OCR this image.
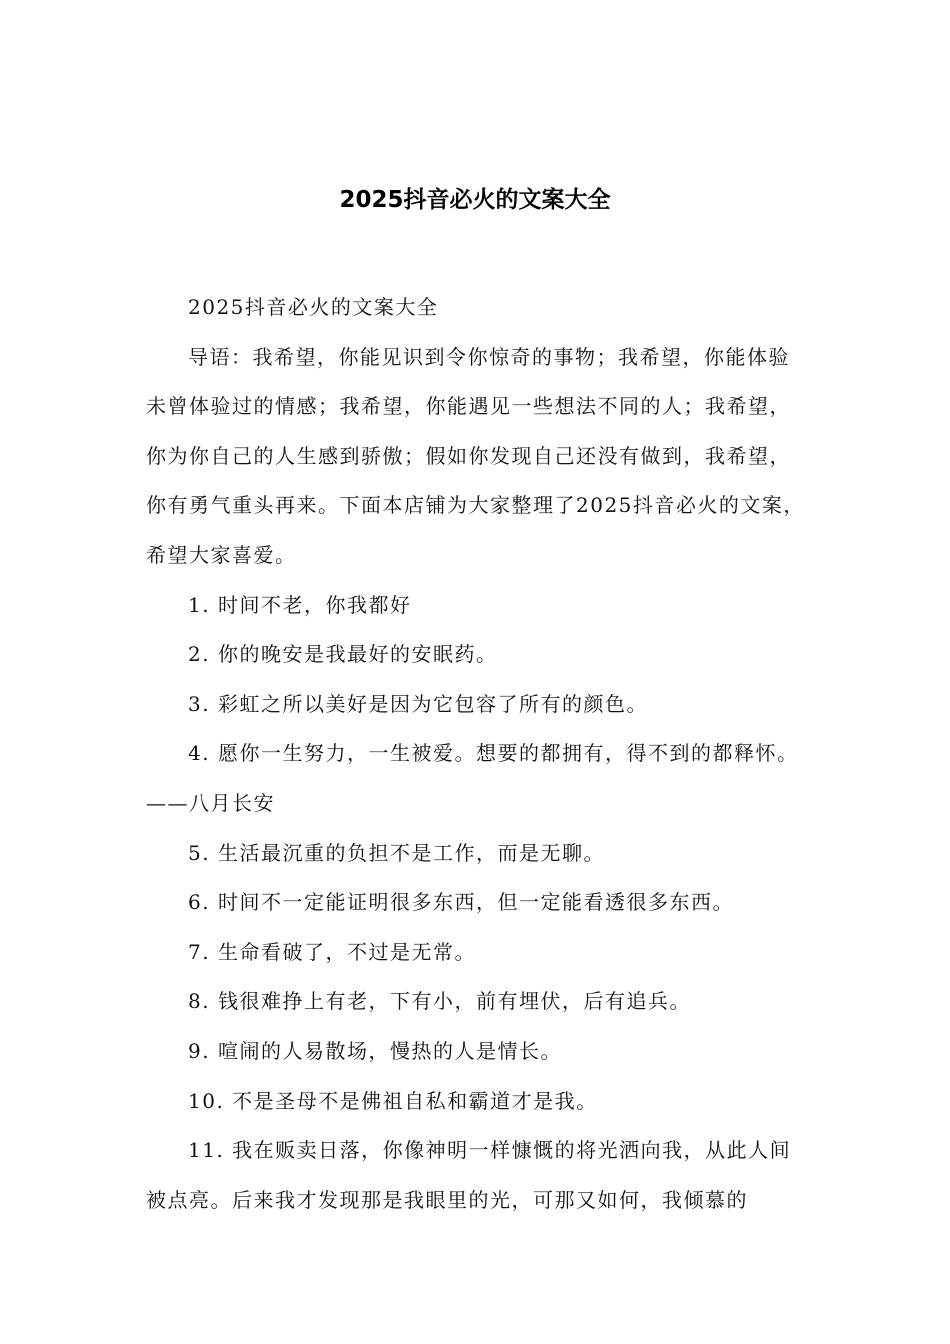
2025抖音必火的文案大全

2025抖音必火的文案大全

导语：我希望，你能见识到令你惊奇的事物；我希望，你能体验未曾体验过的情感；我希望，你能遇见一些想法不同的人；我希望，你为你自己的人生感到骄傲；假如你发现自己还没有做到，我希望，你有勇气重头再来。下面本店铺为大家整理了2025抖音必火的文案，希望大家喜爱。

1. 时间不老，你我都好

2. 你的晚安是我最好的安眠药。

3. 彩虹之所以美好是因为它包容了所有的颜色。

4. 愿你一生努力，一生被爱。想要的都拥有，得不到的都释怀。——八月长安

5. 生活最沉重的负担不是工作，而是无聊。

6. 时间不一定能证明很多东西，但一定能看透很多东西。

7. 生命看破了，不过是无常。

8. 钱很难挣上有老，下有小，前有埋伏，后有追兵。

9. 喧闹的人易散场，慢热的人是情长。

10. 不是圣母不是佛祖自私和霸道才是我。

11. 我在贩卖日落，你像神明一样慷慨的将光洒向我，从此人间被点亮。后来我才发现那是我眼里的光，可那又如何，我倾慕的
